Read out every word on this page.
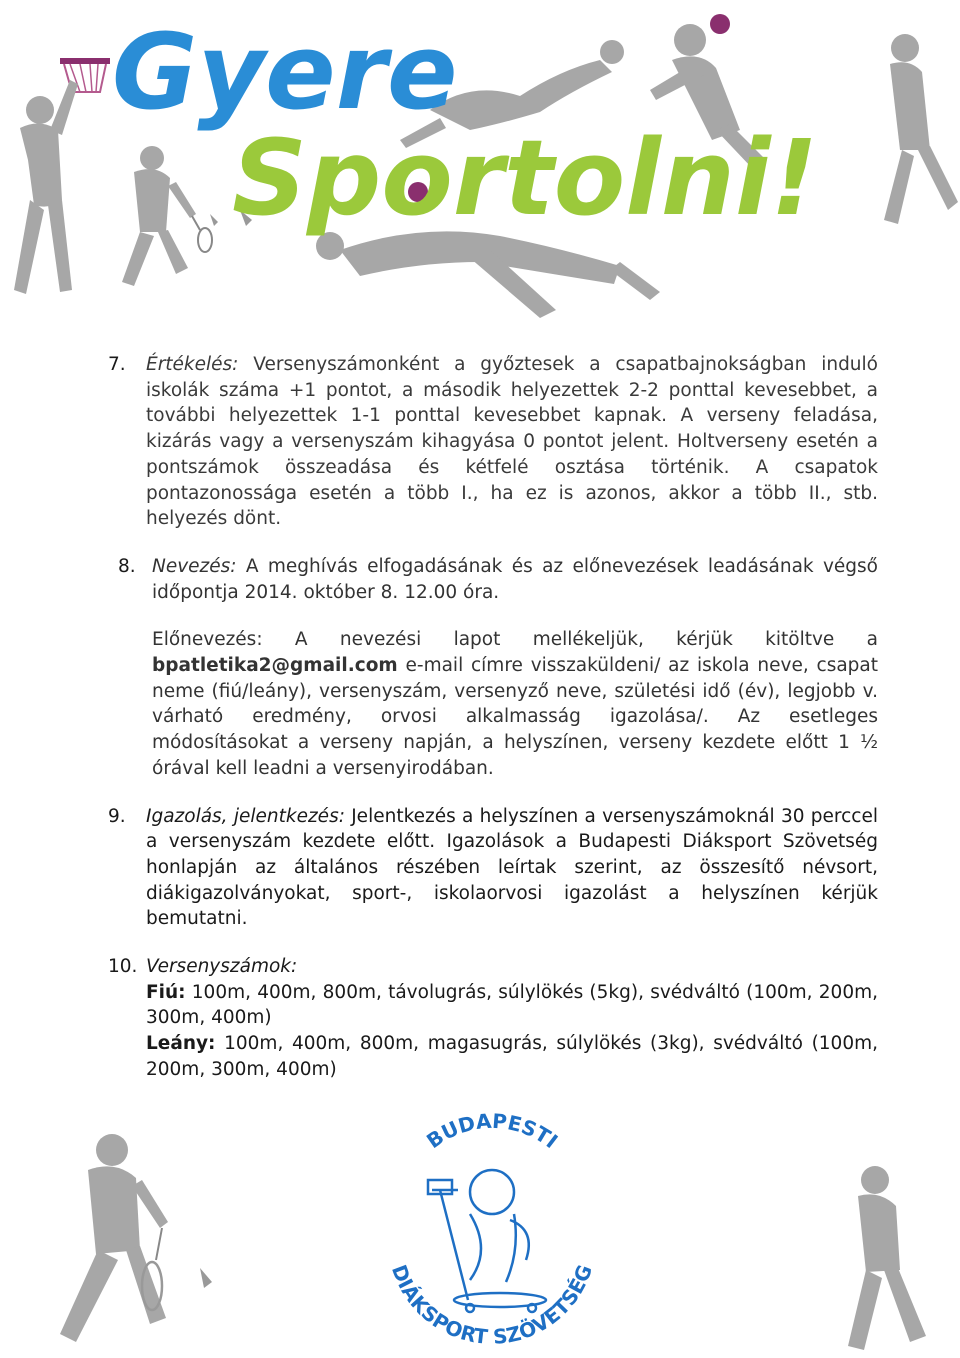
Gyere
Sportolni!
7. Értékelés: Versenyszámonként a győztesek a csapatbajnokságban induló iskolák száma +1 pontot, a második helyezettek 2-2 ponttal kevesebbet, a további helyezettek 1-1 ponttal kevesebbet kapnak. A verseny feladása, kizárás vagy a versenyszám kihagyása 0 pontot jelent. Holtverseny esetén a pontszámok összeadása és kétfelé osztása történik. A csapatok pontazonossága esetén a több I., ha ez is azonos, akkor a több II., stb. helyezés dönt.
8. Nevezés: A meghívás elfogadásának és az előnevezések leadásának végső időpontja 2014. október 8. 12.00 óra.
Előnevezés: A nevezési lapot mellékeljük, kérjük kitöltve a bpatletika2@gmail.com e-mail címre visszaküldeni/ az iskola neve, csapat neme (fiú/leány), versenyszám, versenyző neve, születési idő (év), legjobb v. várható eredmény, orvosi alkalmasság igazolása/. Az esetleges módosításokat a verseny napján, a helyszínen, verseny kezdete előtt 1 ½ órával kell leadni a versenyirodában.
9. Igazolás, jelentkezés: Jelentkezés a helyszínen a versenyszámoknál 30 perccel a versenyszám kezdete előtt. Igazolások a Budapesti Diáksport Szövetség honlapján az általános részében leírtak szerint, az összesítő névsort, diákigazolványokat, sport-, iskolaorvosi igazolást a helyszínen kérjük bemutatni.
10. Versenyszámok:
Fiú: 100m, 400m, 800m, távolugrás, súlylökés (5kg), svédváltó (100m, 200m, 300m, 400m)
Leány: 100m, 400m, 800m, magasugrás, súlylökés (3kg), svédváltó (100m, 200m, 300m, 400m)
BUDAPESTI
DIÁKSPORT SZÖVETSÉG
